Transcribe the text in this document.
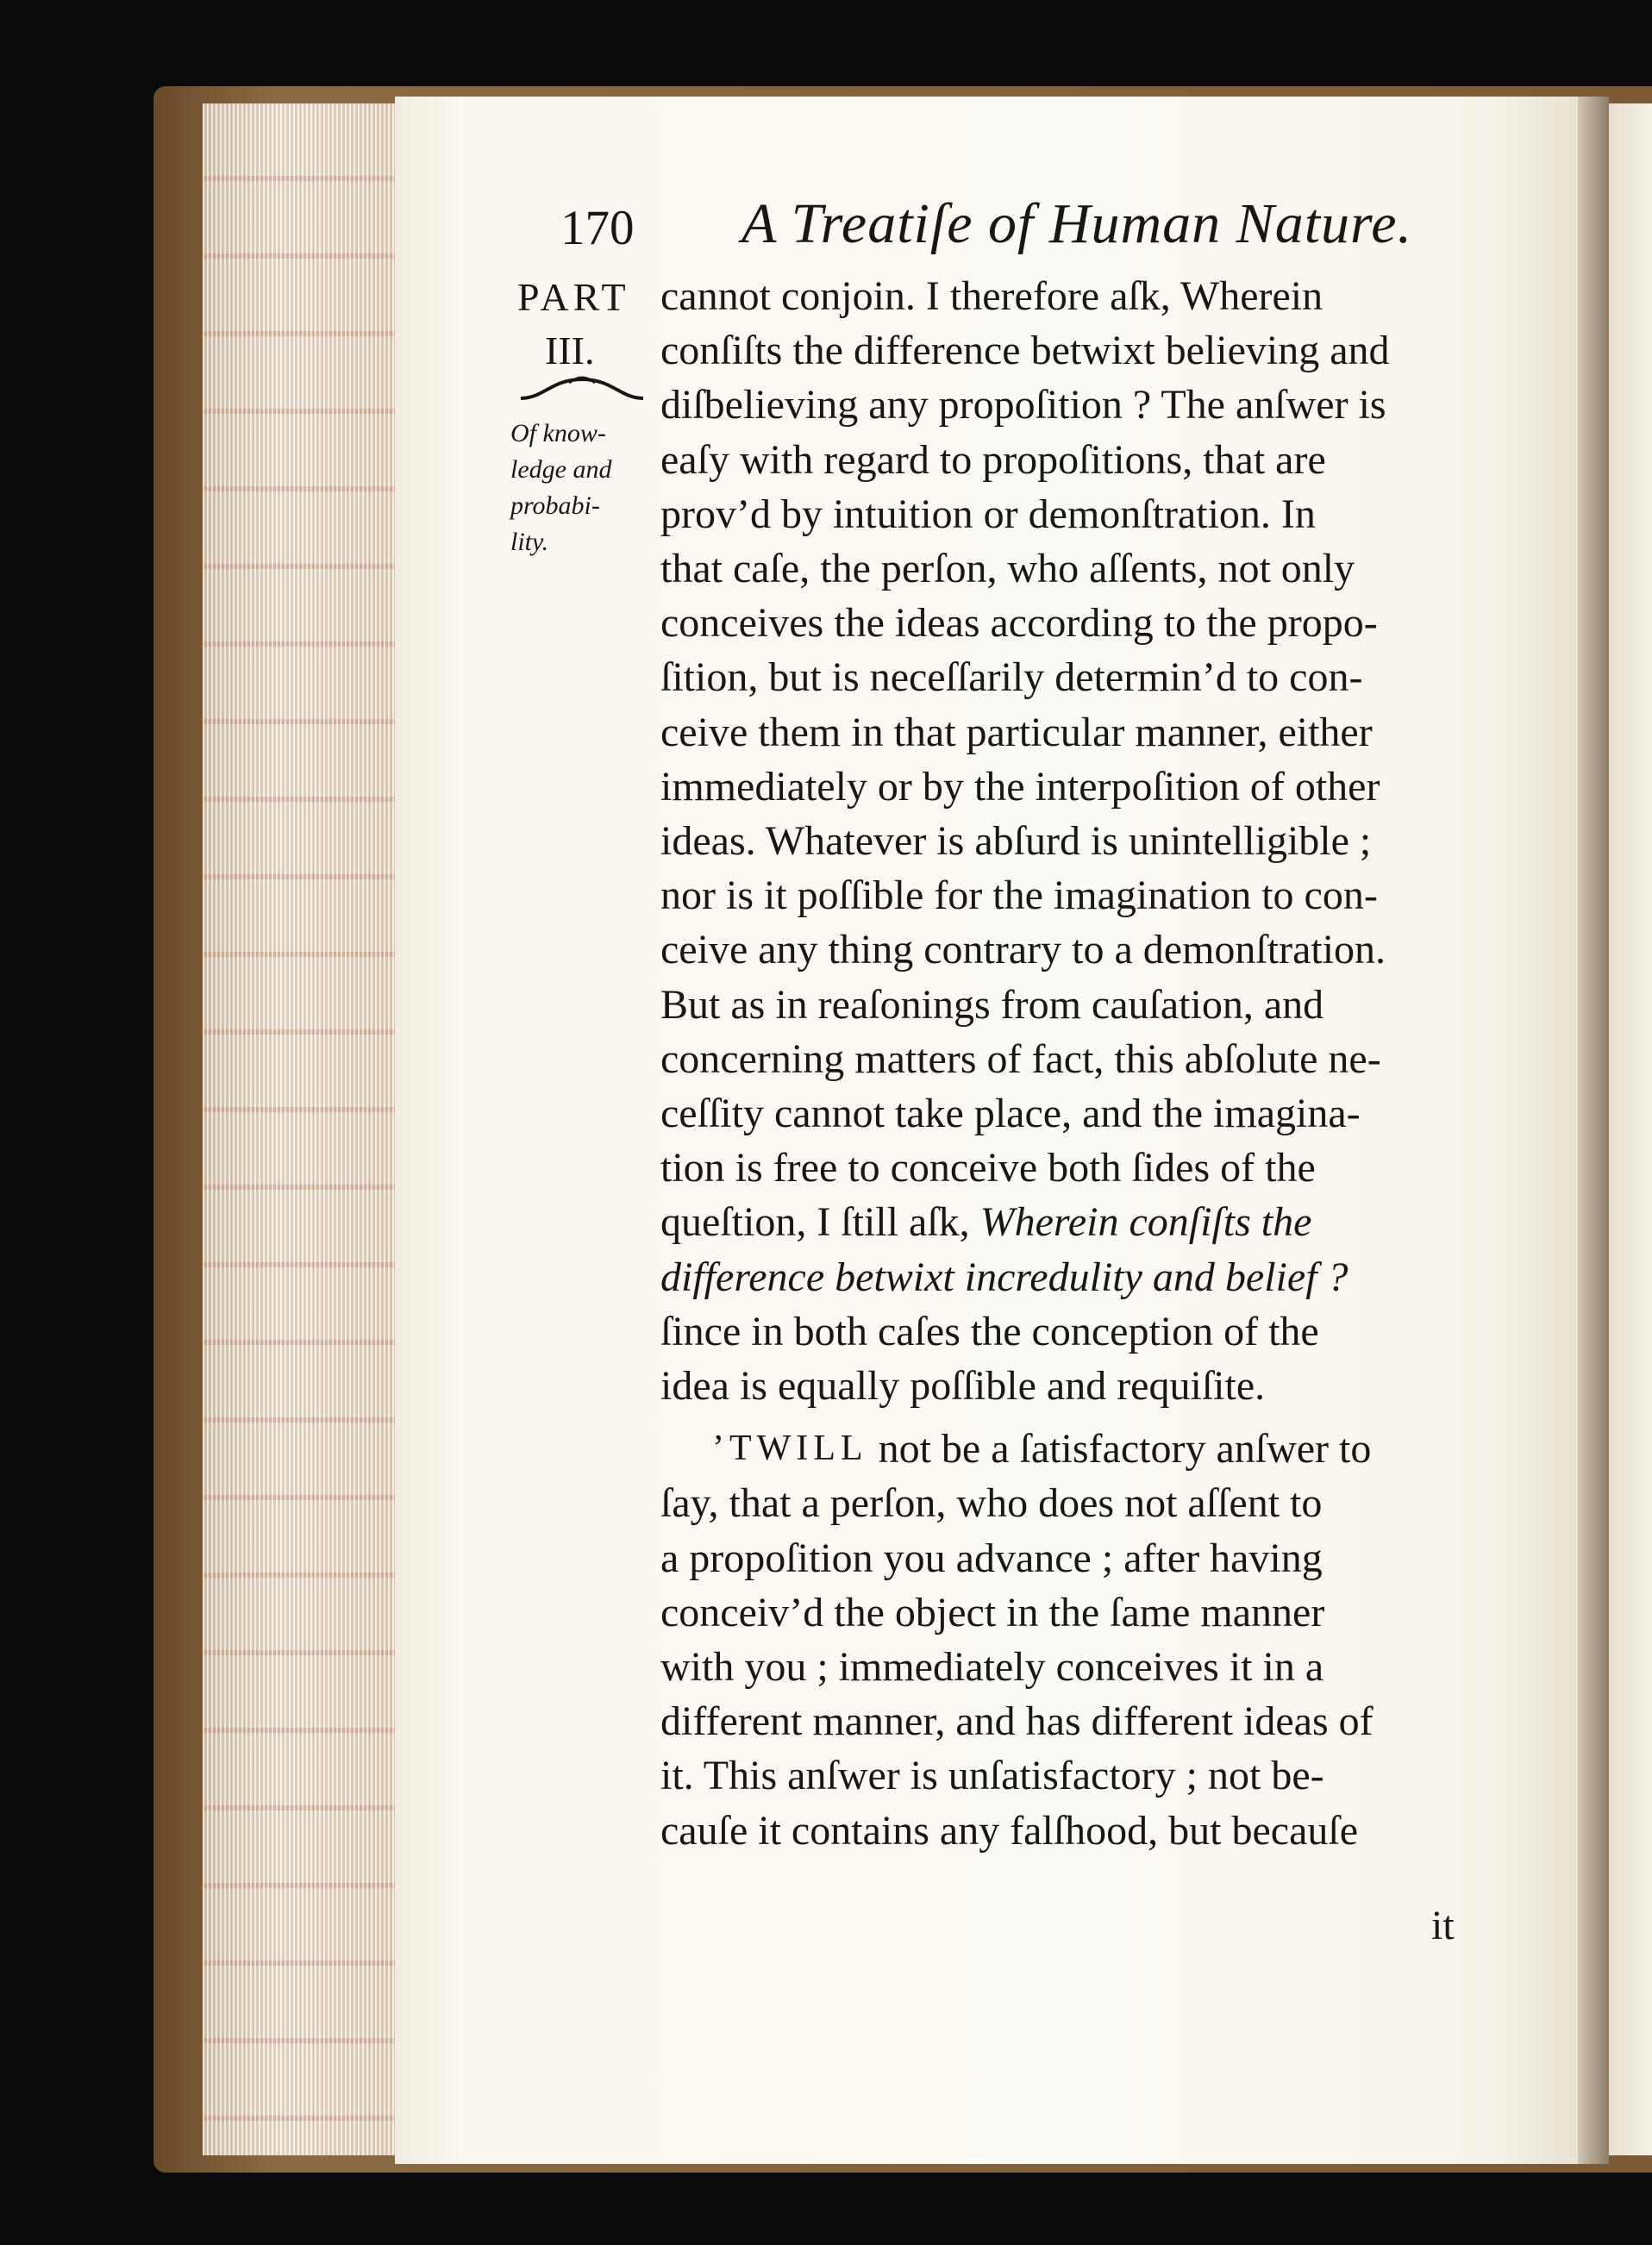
170 A Treatiſe of Human Nature.
PART
III.
Of know-
ledge and
probabi-
lity.
cannot conjoin. I therefore aſk, Wherein
conſiſts the difference betwixt believing and
diſbelieving any propoſition ? The anſwer is
eaſy with regard to propoſitions, that are
prov’d by intuition or demonſtration. In
that caſe, the perſon, who aſſents, not only
conceives the ideas according to the propo-
ſition, but is neceſſarily determin’d to con-
ceive them in that particular manner, either
immediately or by the interpoſition of other
ideas. Whatever is abſurd is unintelligible ;
nor is it poſſible for the imagination to con-
ceive any thing contrary to a demonſtration.
But as in reaſonings from cauſation, and
concerning matters of fact, this abſolute ne-
ceſſity cannot take place, and the imagina-
tion is free to conceive both ſides of the
queſtion, I ſtill aſk,
Wherein conſiſts the
difference betwixt incredulity and belief ?
ſince in both caſes the conception of the
idea is equally poſſible and requiſite.
’TWILL
not be a ſatisfactory anſwer to
ſay, that a perſon, who does not aſſent to
a propoſition you advance ; after having
conceiv’d the object in the ſame manner
with you ; immediately conceives it in a
different manner, and has different ideas of
it. This anſwer is unſatisfactory ; not be-
cauſe it contains any falſhood, but becauſe
it
